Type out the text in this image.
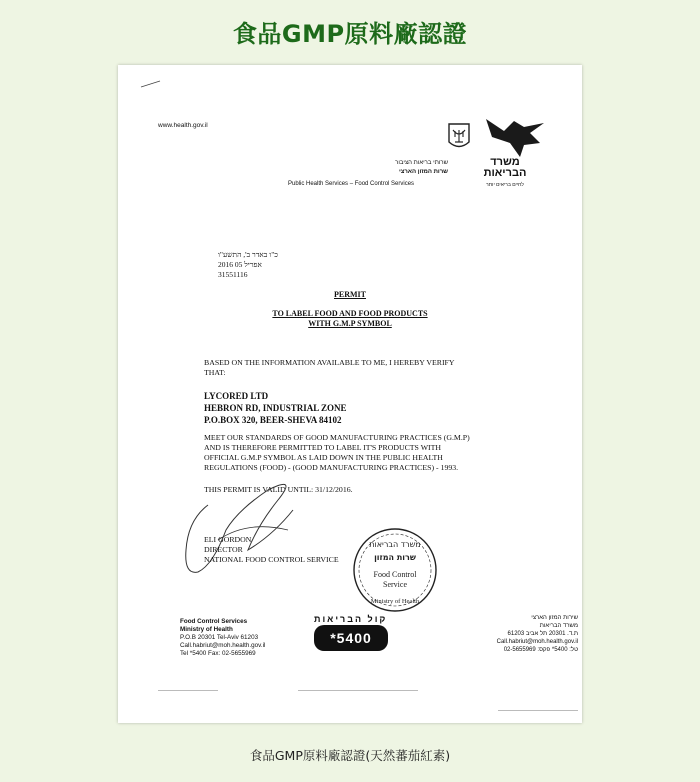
食品GMP原料廠認證
www.health.gov.il
שרותי בריאות הציבור
שרות המזון הארצי
Public Health Services – Food Control Services
משרד
הבריאות
לחיים בריאים יותר
כ"ו באדר ב', התשע"ו
2016 אפריל 05
31551116
PERMIT
TO LABEL FOOD AND FOOD PRODUCTS
WITH G.M.P SYMBOL
BASED ON THE INFORMATION AVAILABLE TO ME, I HEREBY VERIFY
THAT:
LYCORED LTD
HEBRON RD, INDUSTRIAL ZONE
P.O.BOX 320, BEER-SHEVA 84102
MEET OUR STANDARDS OF GOOD MANUFACTURING PRACTICES (G.M.P)
AND IS THEREFORE PERMITTED TO LABEL IT'S PRODUCTS WITH
OFFICIAL G.M.P SYMBOL AS LAID DOWN IN THE PUBLIC HEALTH
REGULATIONS (FOOD) - (GOOD MANUFACTURING PRACTICES) - 1993.
THIS PERMIT IS VALID UNTIL: 31/12/2016.
ELI GORDON
DIRECTOR
NATIONAL FOOD CONTROL SERVICE
משרד הבריאות
שרות המזון
Food Control
Service
Ministry of Health
Food Control Services
Ministry of Health
P.O.B 20301 Tel-Aviv 61203
Call.habriut@moh.health.gov.il
Tel *5400 Fax: 02-5655969
קול הבריאות
*5400
שירות המזון הארצי
משרד הבריאות
ת.ד. 20301 תל אביב 61203
Call.habriut@moh.health.gov.il
טל: 5400* פקס: 02-5655969
食品GMP原料廠認證(天然蕃茄紅素)
